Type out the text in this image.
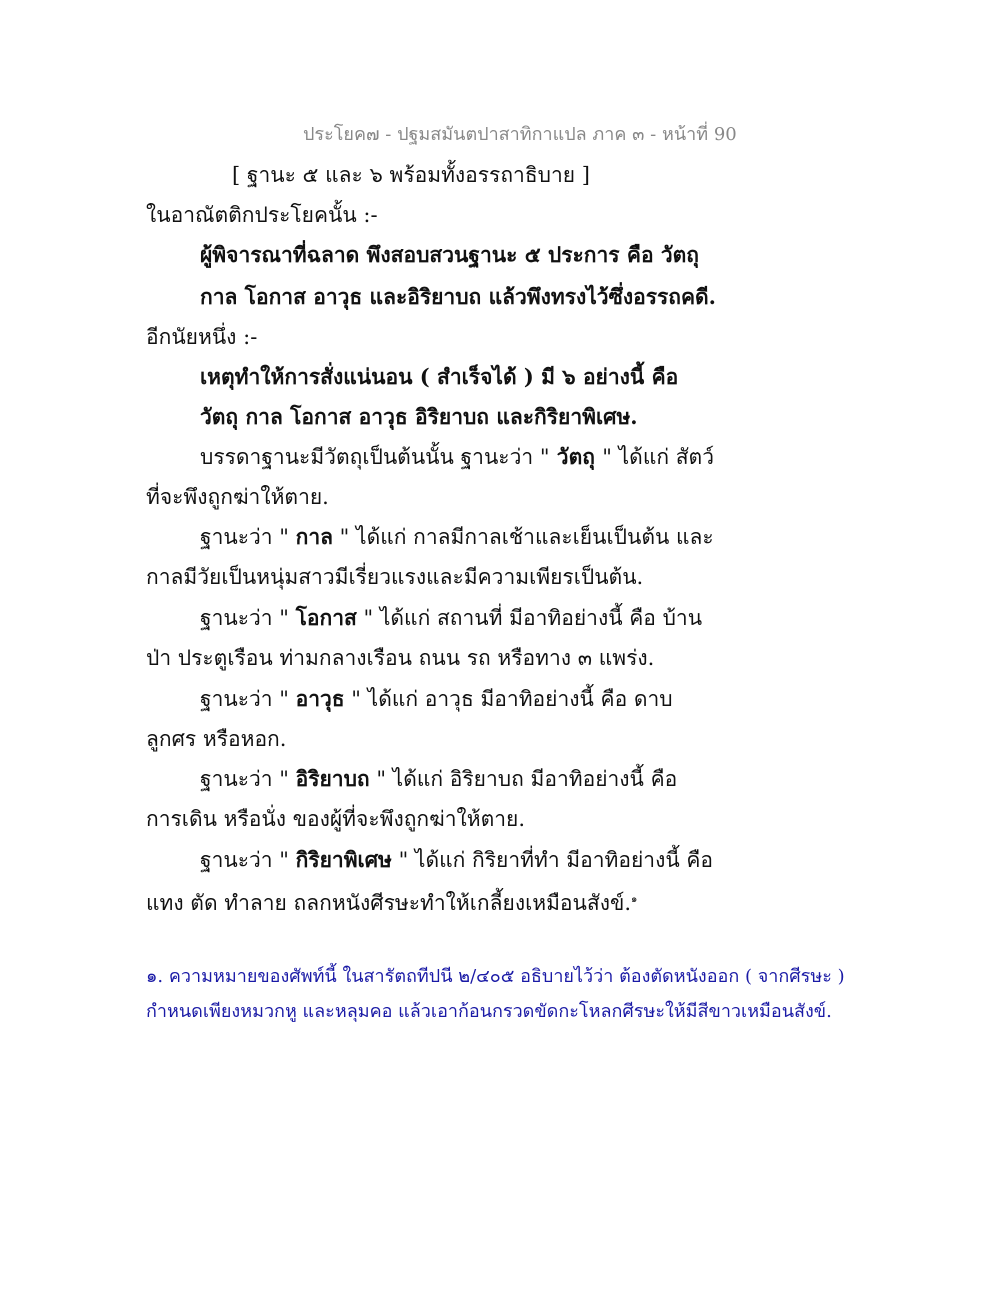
ประโยค๗ - ปฐมสมันตปาสาทิกาแปล ภาค ๓ - หน้าที่ 90
[ ฐานะ ๕ และ ๖ พร้อมทั้งอรรถาธิบาย ]
ในอาณัตติกประโยคนั้น :-
ผู้พิจารณาที่ฉลาด พึงสอบสวนฐานะ ๕ ประการ คือ วัตถุ
กาล โอกาส อาวุธ และอิริยาบถ แล้วพึงทรงไว้ซึ่งอรรถคดี.
อีกนัยหนึ่ง :-
เหตุทำให้การสั่งแน่นอน ( สำเร็จได้ ) มี ๖ อย่างนี้ คือ
วัตถุ กาล โอกาส อาวุธ อิริยาบถ และกิริยาพิเศษ.
บรรดาฐานะมีวัตถุเป็นต้นนั้น ฐานะว่า " วัตถุ " ได้แก่ สัตว์
ที่จะพึงถูกฆ่าให้ตาย.
ฐานะว่า " กาล " ได้แก่ กาลมีกาลเช้าและเย็นเป็นต้น และ
กาลมีวัยเป็นหนุ่มสาวมีเรี่ยวแรงและมีความเพียรเป็นต้น.
ฐานะว่า " โอกาส " ได้แก่ สถานที่ มีอาทิอย่างนี้ คือ บ้าน
ป่า ประตูเรือน ท่ามกลางเรือน ถนน รถ หรือทาง ๓ แพร่ง.
ฐานะว่า " อาวุธ " ได้แก่ อาวุธ มีอาทิอย่างนี้ คือ ดาบ
ลูกศร หรือหอก.
ฐานะว่า " อิริยาบถ " ได้แก่ อิริยาบถ มีอาทิอย่างนี้ คือ
การเดิน หรือนั่ง ของผู้ที่จะพึงถูกฆ่าให้ตาย.
ฐานะว่า " กิริยาพิเศษ " ได้แก่ กิริยาที่ทำ มีอาทิอย่างนี้ คือ
แทง ตัด ทำลาย ถลกหนังศีรษะทำให้เกลี้ยงเหมือนสังข์.$^๑$
๑. ความหมายของศัพท์นี้ ในสารัตถทีปนี ๒/๔๐๕ อธิบายไว้ว่า ต้องตัดหนังออก ( จากศีรษะ )
กำหนดเพียงหมวกหู และหลุมคอ แล้วเอาก้อนกรวดขัดกะโหลกศีรษะให้มีสีขาวเหมือนสังข์.
